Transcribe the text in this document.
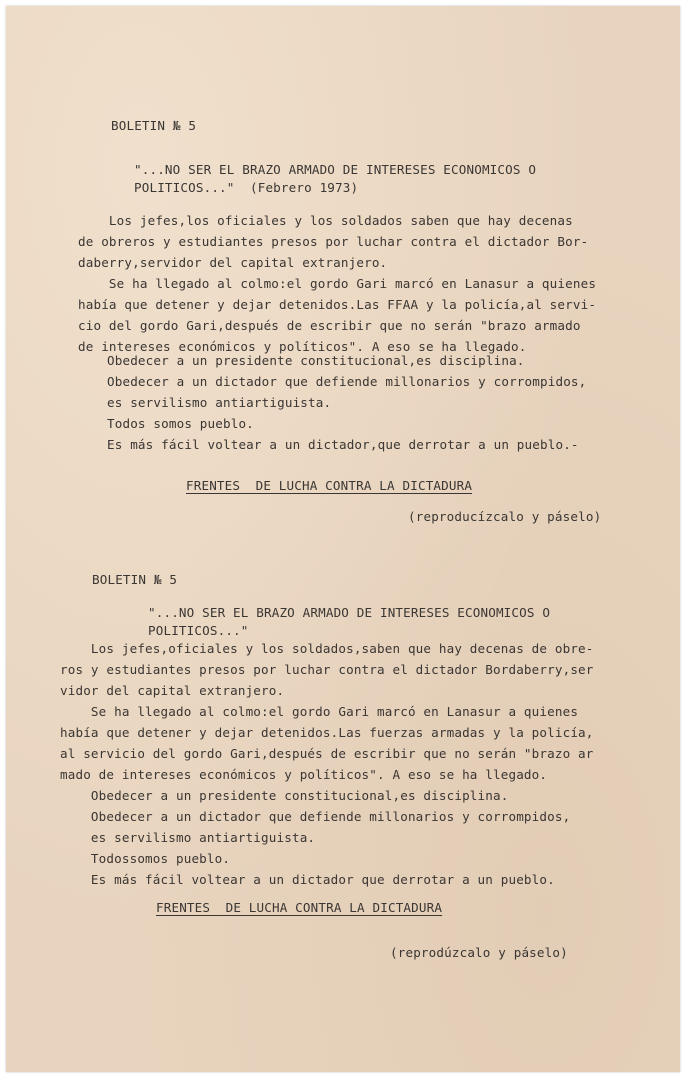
BOLETIN № 5
"...NO SER EL BRAZO ARMADO DE INTERESES ECONOMICOS O
POLITICOS..."  (Febrero 1973)
Los jefes,los oficiales y los soldados saben que hay decenas
de obreros y estudiantes presos por luchar contra el dictador Bor-
daberry,servidor del capital extranjero.
Se ha llegado al colmo:el gordo Gari marcó en Lanasur a quienes
había que detener y dejar detenidos.Las FFAA y la policía,al servi-
cio del gordo Gari,después de escribir que no serán "brazo armado
de intereses económicos y políticos". A eso se ha llegado.
Obedecer a un presidente constitucional,es disciplina.
Obedecer a un dictador que defiende millonarios y corrompidos,
es servilismo antiartiguista.
Todos somos pueblo.
Es más fácil voltear a un dictador,que derrotar a un pueblo.-
FRENTES  DE LUCHA CONTRA LA DICTADURA
(reproducízcalo y páselo)
BOLETIN № 5
"...NO SER EL BRAZO ARMADO DE INTERESES ECONOMICOS O
POLITICOS..."
Los jefes,oficiales y los soldados,saben que hay decenas de obre-
ros y estudiantes presos por luchar contra el dictador Bordaberry,ser
vidor del capital extranjero.
Se ha llegado al colmo:el gordo Gari marcó en Lanasur a quienes
había que detener y dejar detenidos.Las fuerzas armadas y la policía,
al servicio del gordo Gari,después de escribir que no serán "brazo ar
mado de intereses económicos y políticos". A eso se ha llegado.
Obedecer a un presidente constitucional,es disciplina.
Obedecer a un dictador que defiende millonarios y corrompidos,
es servilismo antiartiguista.
Todossomos pueblo.
Es más fácil voltear a un dictador que derrotar a un pueblo.
FRENTES  DE LUCHA CONTRA LA DICTADURA
(reprodúzcalo y páselo)
